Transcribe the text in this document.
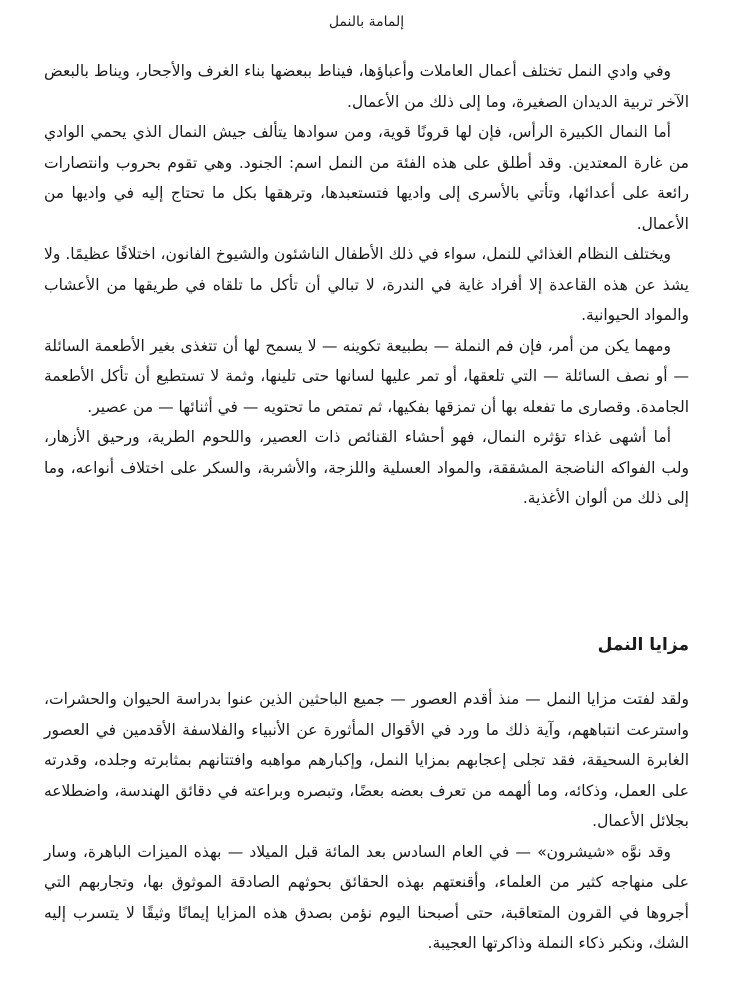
إلمامة بالنمل

وفي وادي النمل تختلف أعمال العاملات وأعباؤها، فيناط ببعضها بناء الغرف والأجحار، ويناط بالبعض الآخر تربية الديدان الصغيرة، وما إلى ذلك من الأعمال.

أما النمال الكبيرة الرأس، فإن لها قرونًا قوية، ومن سوادها يتألف جيش النمال الذي يحمي الوادي من غارة المعتدين. وقد أطلق على هذه الفئة من النمل اسم: الجنود. وهي تقوم بحروب وانتصارات رائعة على أعدائها، وتأتي بالأسرى إلى واديها فتستعبدها، وترهقها بكل ما تحتاج إليه في واديها من الأعمال.

ويختلف النظام الغذائي للنمل، سواء في ذلك الأطفال الناشئون والشيوخ الفانون، اختلافًا عظيمًا. ولا يشذ عن هذه القاعدة إلا أفراد غاية في الندرة، لا تبالي أن تأكل ما تلقاه في طريقها من الأعشاب والمواد الحيوانية.

ومهما يكن من أمر، فإن فم النملة — بطبيعة تكوينه — لا يسمح لها أن تتغذى بغير الأطعمة السائلة — أو نصف السائلة — التي تلعقها، أو تمر عليها لسانها حتى تلينها، وثمة لا تستطيع أن تأكل الأطعمة الجامدة. وقصارى ما تفعله بها أن تمزقها بفكيها، ثم تمتص ما تحتويه — في أثنائها — من عصير.

أما أشهى غذاء تؤثره النمال، فهو أحشاء القنائص ذات العصير، واللحوم الطرية، ورحيق الأزهار، ولب الفواكه الناضجة المشققة، والمواد العسلية واللزجة، والأشربة، والسكر على اختلاف أنواعه، وما إلى ذلك من ألوان الأغذية.

مزايا النمل

ولقد لفتت مزايا النمل — منذ أقدم العصور — جميع الباحثين الذين عنوا بدراسة الحيوان والحشرات، واسترعت انتباههم، وآية ذلك ما ورد في الأقوال المأثورة عن الأنبياء والفلاسفة الأقدمين في العصور الغابرة السحيقة، فقد تجلى إعجابهم بمزايا النمل، وإكبارهم مواهبه وافتتانهم بمثابرته وجلده، وقدرته على العمل، وذكائه، وما ألهمه من تعرف بعضه بعضًا، وتبصره وبراعته في دقائق الهندسة، واضطلاعه بجلائل الأعمال.

وقد نوَّه «شيشرون» — في العام السادس بعد المائة قبل الميلاد — بهذه الميزات الباهرة، وسار على منهاجه كثير من العلماء، وأقنعتهم بهذه الحقائق بحوثهم الصادقة الموثوق بها، وتجاربهم التي أجروها في القرون المتعاقبة، حتى أصبحنا اليوم نؤمن بصدق هذه المزايا إيمانًا وثيقًا لا يتسرب إليه الشك، ونكبر ذكاء النملة وذاكرتها العجيبة.
